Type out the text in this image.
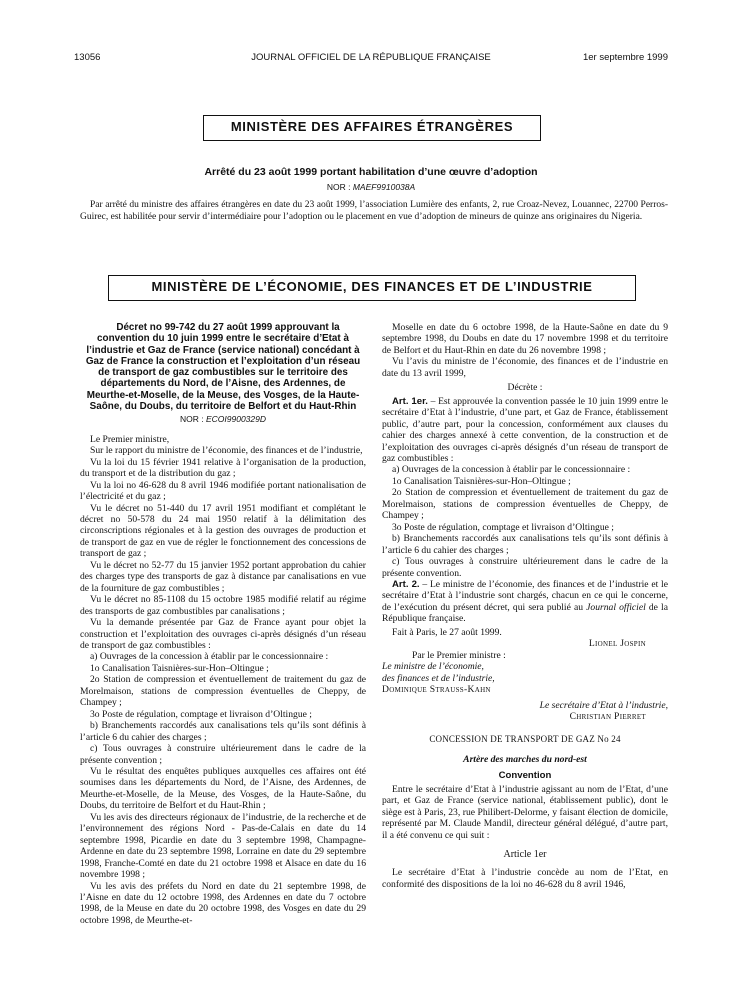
13056	JOURNAL OFFICIEL DE LA RÉPUBLIQUE FRANÇAISE	1er septembre 1999
MINISTÈRE DES AFFAIRES ÉTRANGÈRES
Arrêté du 23 août 1999 portant habilitation d’une œuvre d’adoption
NOR : MAEF9910038A

Par arrêté du ministre des affaires étrangères en date du 23 août 1999, l’association Lumière des enfants, 2, rue Croaz-Nevez, Louannec, 22700 Perros-Guirec, est habilitée pour servir d’intermédiaire pour l’adoption ou le placement en vue d’adoption de mineurs de quinze ans originaires du Nigeria.

MINISTÈRE DE L’ÉCONOMIE, DES FINANCES ET DE L’INDUSTRIE

Décret no 99-742 du 27 août 1999 approuvant la convention du 10 juin 1999 entre le secrétaire d’Etat à l’industrie et Gaz de France (service national) concédant à Gaz de France la construction et l’exploitation d’un réseau de transport de gaz combustibles sur le territoire des départements du Nord, de l’Aisne, des Ardennes, de Meurthe-et-Moselle, de la Meuse, des Vosges, de la Haute-Saône, du Doubs, du territoire de Belfort et du Haut-Rhin

NOR : ECOI9900329D

Le Premier ministre,

Sur le rapport du ministre de l’économie, des finances et de l’industrie,

Vu la loi du 15 février 1941 relative à l’organisation de la production, du transport et de la distribution du gaz ;

Vu la loi no 46-628 du 8 avril 1946 modifiée portant nationalisation de l’électricité et du gaz ;

Vu le décret no 51-440 du 17 avril 1951 modifiant et complétant le décret no 50-578 du 24 mai 1950 relatif à la délimitation des circonscriptions régionales et à la gestion des ouvrages de production et de transport de gaz en vue de régler le fonctionnement des concessions de transport de gaz ;

Vu le décret no 52-77 du 15 janvier 1952 portant approbation du cahier des charges type des transports de gaz à distance par canalisations en vue de la fourniture de gaz combustibles ;

Vu le décret no 85-1108 du 15 octobre 1985 modifié relatif au régime des transports de gaz combustibles par canalisations ;

Vu la demande présentée par Gaz de France ayant pour objet la construction et l’exploitation des ouvrages ci-après désignés d’un réseau de transport de gaz combustibles :

a) Ouvrages de la concession à établir par le concessionnaire :

1o Canalisation Taisnières-sur-Hon–Oltingue ;

2o Station de compression et éventuellement de traitement du gaz de Morelmaison, stations de compression éventuelles de Cheppy, de Champey ;

3o Poste de régulation, comptage et livraison d’Oltingue ;

b) Branchements raccordés aux canalisations tels qu’ils sont définis à l’article 6 du cahier des charges ;

c) Tous ouvrages à construire ultérieurement dans le cadre de la présente convention ;

Vu le résultat des enquêtes publiques auxquelles ces affaires ont été soumises dans les départements du Nord, de l’Aisne, des Ardennes, de Meurthe-et-Moselle, de la Meuse, des Vosges, de la Haute-Saône, du Doubs, du territoire de Belfort et du Haut-Rhin ;

Vu les avis des directeurs régionaux de l’industrie, de la recherche et de l’environnement des régions Nord - Pas-de-Calais en date du 14 septembre 1998, Picardie en date du 3 septembre 1998, Champagne-Ardenne en date du 23 septembre 1998, Lorraine en date du 29 septembre 1998, Franche-Comté en date du 21 octobre 1998 et Alsace en date du 16 novembre 1998 ;

Vu les avis des préfets du Nord en date du 21 septembre 1998, de l’Aisne en date du 12 octobre 1998, des Ardennes en date du 7 octobre 1998, de la Meuse en date du 20 octobre 1998, des Vosges en date du 29 octobre 1998, de Meurthe-et-

Moselle en date du 6 octobre 1998, de la Haute-Saône en date du 9 septembre 1998, du Doubs en date du 17 novembre 1998 et du territoire de Belfort et du Haut-Rhin en date du 26 novembre 1998 ;

Vu l’avis du ministre de l’économie, des finances et de l’industrie en date du 13 avril 1999,

Décrète :

Art. 1er. – Est approuvée la convention passée le 10 juin 1999 entre le secrétaire d’Etat à l’industrie, d’une part, et Gaz de France, établissement public, d’autre part, pour la concession, conformément aux clauses du cahier des charges annexé à cette convention, de la construction et de l’exploitation des ouvrages ci-après désignés d’un réseau de transport de gaz combustibles :

a) Ouvrages de la concession à établir par le concessionnaire :

1o Canalisation Taisnières-sur-Hon–Oltingue ;

2o Station de compression et éventuellement de traitement du gaz de Morelmaison, stations de compression éventuelles de Cheppy, de Champey ;

3o Poste de régulation, comptage et livraison d’Oltingue ;

b) Branchements raccordés aux canalisations tels qu’ils sont définis à l’article 6 du cahier des charges ;

c) Tous ouvrages à construire ultérieurement dans le cadre de la présente convention.

Art. 2. – Le ministre de l’économie, des finances et de l’industrie et le secrétaire d’Etat à l’industrie sont chargés, chacun en ce qui le concerne, de l’exécution du présent décret, qui sera publié au Journal officiel de la République française.

Fait à Paris, le 27 août 1999.

Lionel Jospin

Par le Premier ministre :

Le ministre de l’économie,

des finances et de l’industrie,

Dominique Strauss-Kahn

Le secrétaire d’Etat à l’industrie,

Christian Pierret

CONCESSION DE TRANSPORT DE GAZ No 24

Artère des marches du nord-est

Convention

Entre le secrétaire d’Etat à l’industrie agissant au nom de l’Etat, d’une part, et Gaz de France (service national, établissement public), dont le siège est à Paris, 23, rue Philibert-Delorme, y faisant élection de domicile, représenté par M. Claude Mandil, directeur général délégué, d’autre part, il a été convenu ce qui suit :

Article 1er

Le secrétaire d’Etat à l’industrie concède au nom de l’Etat, en conformité des dispositions de la loi no 46-628 du 8 avril 1946,
